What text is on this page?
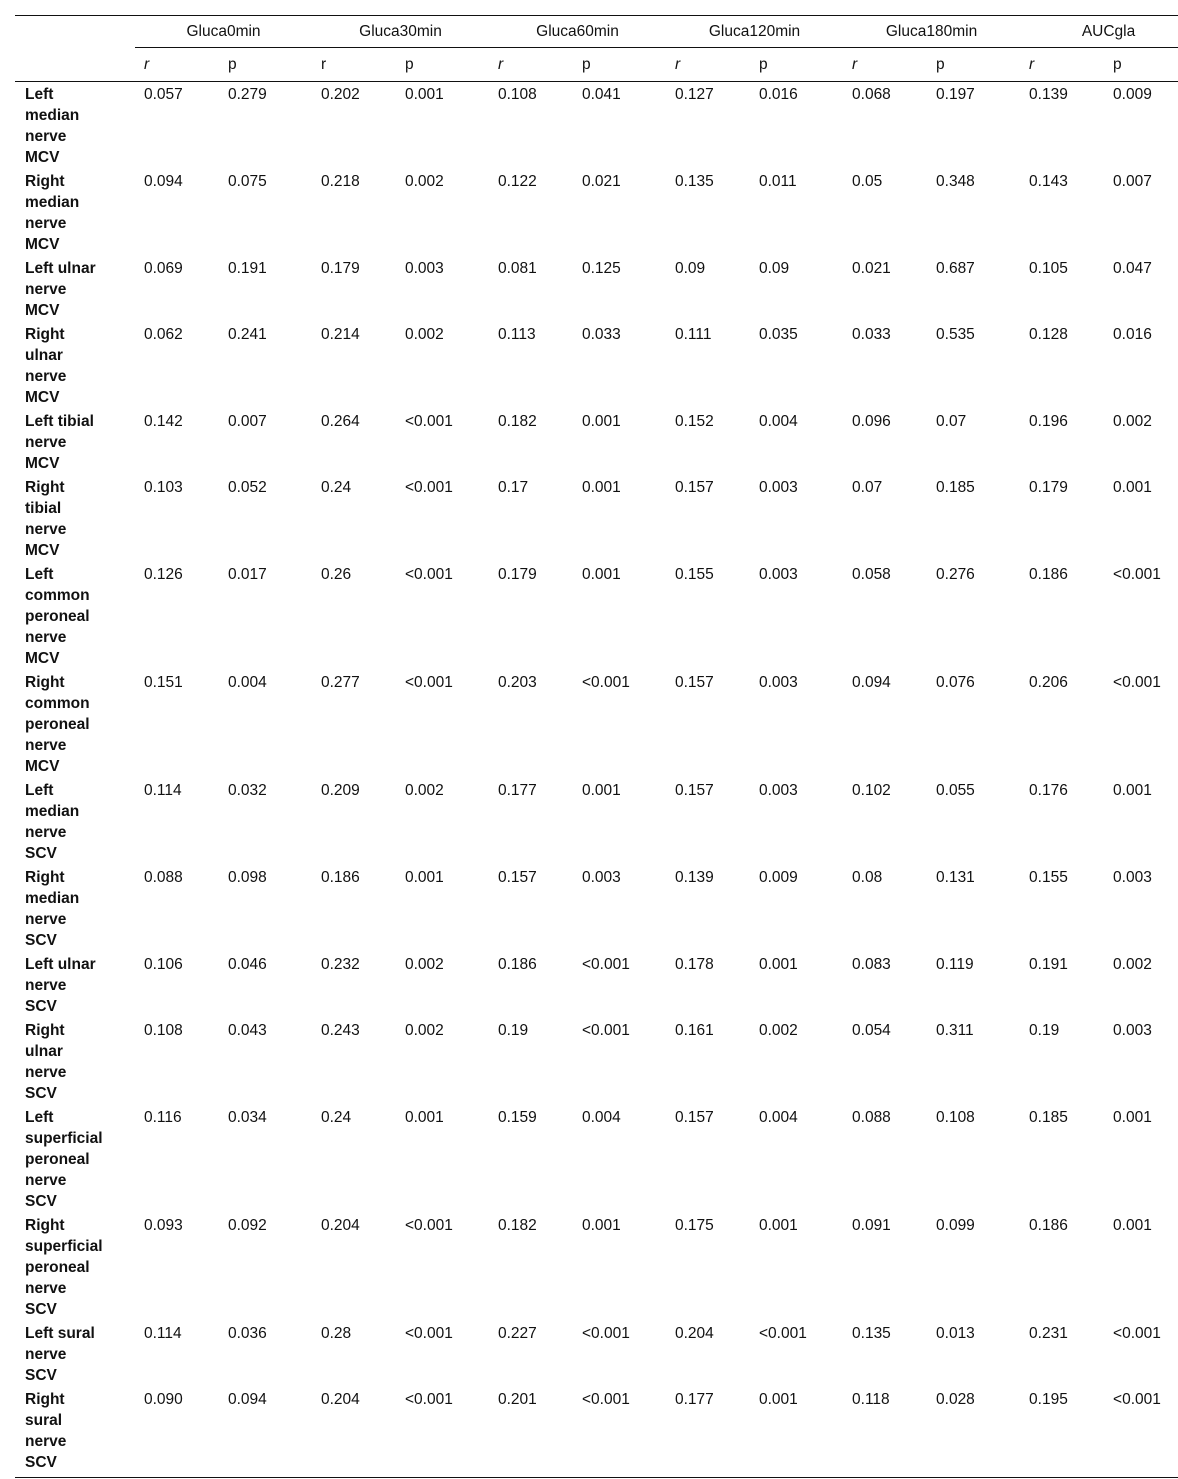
	Gluca0min		Gluca30min		Gluca60min		Gluca120min		Gluca180min		AUCgla	
	r	p	r	p	r	p	r	p	r	p	r	p

Left
median
nerve
MCV	0.057	0.279	0.202	0.001	0.108	0.041	0.127	0.016	0.068	0.197	0.139	0.009

Right
median
nerve
MCV	0.094	0.075	0.218	0.002	0.122	0.021	0.135	0.011	0.05	0.348	0.143	0.007

Left ulnar
nerve
MCV	0.069	0.191	0.179	0.003	0.081	0.125	0.09	0.09	0.021	0.687	0.105	0.047

Right
ulnar
nerve
MCV	0.062	0.241	0.214	0.002	0.113	0.033	0.111	0.035	0.033	0.535	0.128	0.016

Left tibial
nerve
MCV	0.142	0.007	0.264	<0.001	0.182	0.001	0.152	0.004	0.096	0.07	0.196	0.002

Right
tibial
nerve
MCV	0.103	0.052	0.24	<0.001	0.17	0.001	0.157	0.003	0.07	0.185	0.179	0.001

Left
common
peroneal
nerve
MCV	0.126	0.017	0.26	<0.001	0.179	0.001	0.155	0.003	0.058	0.276	0.186	<0.001

Right
common
peroneal
nerve
MCV	0.151	0.004	0.277	<0.001	0.203	<0.001	0.157	0.003	0.094	0.076	0.206	<0.001

Left
median
nerve
SCV	0.114	0.032	0.209	0.002	0.177	0.001	0.157	0.003	0.102	0.055	0.176	0.001

Right
median
nerve
SCV	0.088	0.098	0.186	0.001	0.157	0.003	0.139	0.009	0.08	0.131	0.155	0.003

Left ulnar
nerve
SCV	0.106	0.046	0.232	0.002	0.186	<0.001	0.178	0.001	0.083	0.119	0.191	0.002

Right
ulnar
nerve
SCV	0.108	0.043	0.243	0.002	0.19	<0.001	0.161	0.002	0.054	0.311	0.19	0.003

Left
superficial
peroneal
nerve
SCV	0.116	0.034	0.24	0.001	0.159	0.004	0.157	0.004	0.088	0.108	0.185	0.001

Right
superficial
peroneal
nerve
SCV	0.093	0.092	0.204	<0.001	0.182	0.001	0.175	0.001	0.091	0.099	0.186	0.001

Left sural
nerve
SCV	0.114	0.036	0.28	<0.001	0.227	<0.001	0.204	<0.001	0.135	0.013	0.231	<0.001

Right
sural
nerve
SCV	0.090	0.094	0.204	<0.001	0.201	<0.001	0.177	0.001	0.118	0.028	0.195	<0.001
